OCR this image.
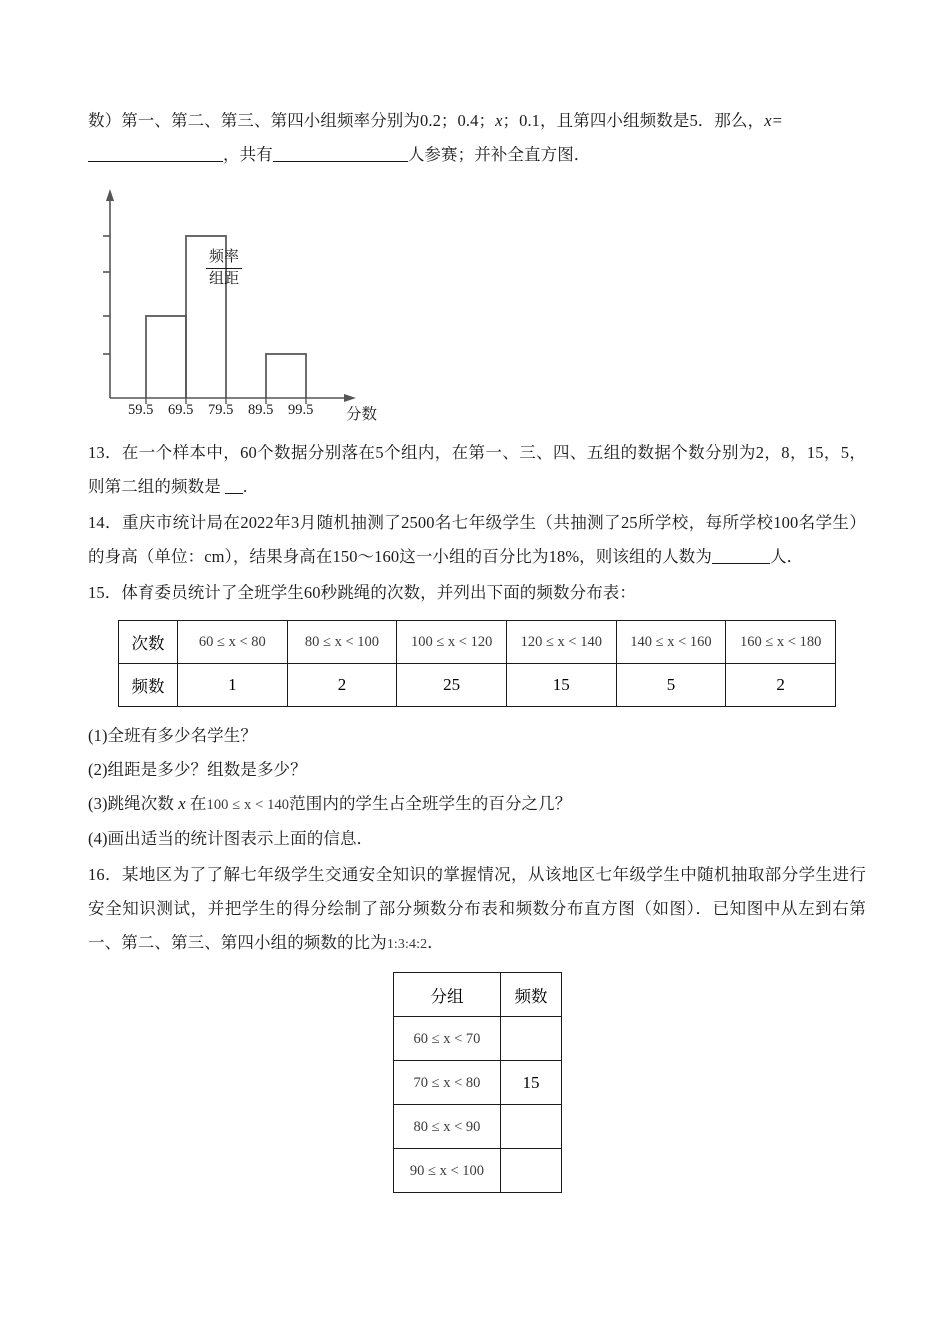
数）第一、第二、第三、第四小组频率分别为0.2；0.4；x；0.1，且第四小组频数是5．那么，x=
，共有	人参赛；并补全直方图．
频率
组距
59.5 69.5 79.5 89.5 99.5 分数
13．在一个样本中，60个数据分别落在5个组内，在第一、三、四、五组的数据个数分别为2，8，15，5，则第二组的频数是 .
14．重庆市统计局在2022年3月随机抽测了2500名七年级学生（共抽测了25所学校，每所学校100名学生）的身高（单位：cm），结果身高在150～160这一小组的百分比为18%，则该组的人数为	人．
15．体育委员统计了全班学生60秒跳绳的次数，并列出下面的频数分布表：
次数	60 ≤ x < 80	80 ≤ x < 100	100 ≤ x < 120	120 ≤ x < 140	140 ≤ x < 160	160 ≤ x < 180
频数	1	2	25	15	5	2
(1)全班有多少名学生？
(2)组距是多少？组数是多少？
(3)跳绳次数 x 在100 ≤ x < 140范围内的学生占全班学生的百分之几？
(4)画出适当的统计图表示上面的信息．
16．某地区为了了解七年级学生交通安全知识的掌握情况，从该地区七年级学生中随机抽取部分学生进行安全知识测试，并把学生的得分绘制了部分频数分布表和频数分布直方图（如图）．已知图中从左到右第一、第二、第三、第四小组的频数的比为1:3:4:2．
分组	频数
60 ≤ x < 70	
70 ≤ x < 80	15
80 ≤ x < 90	
90 ≤ x < 100	
